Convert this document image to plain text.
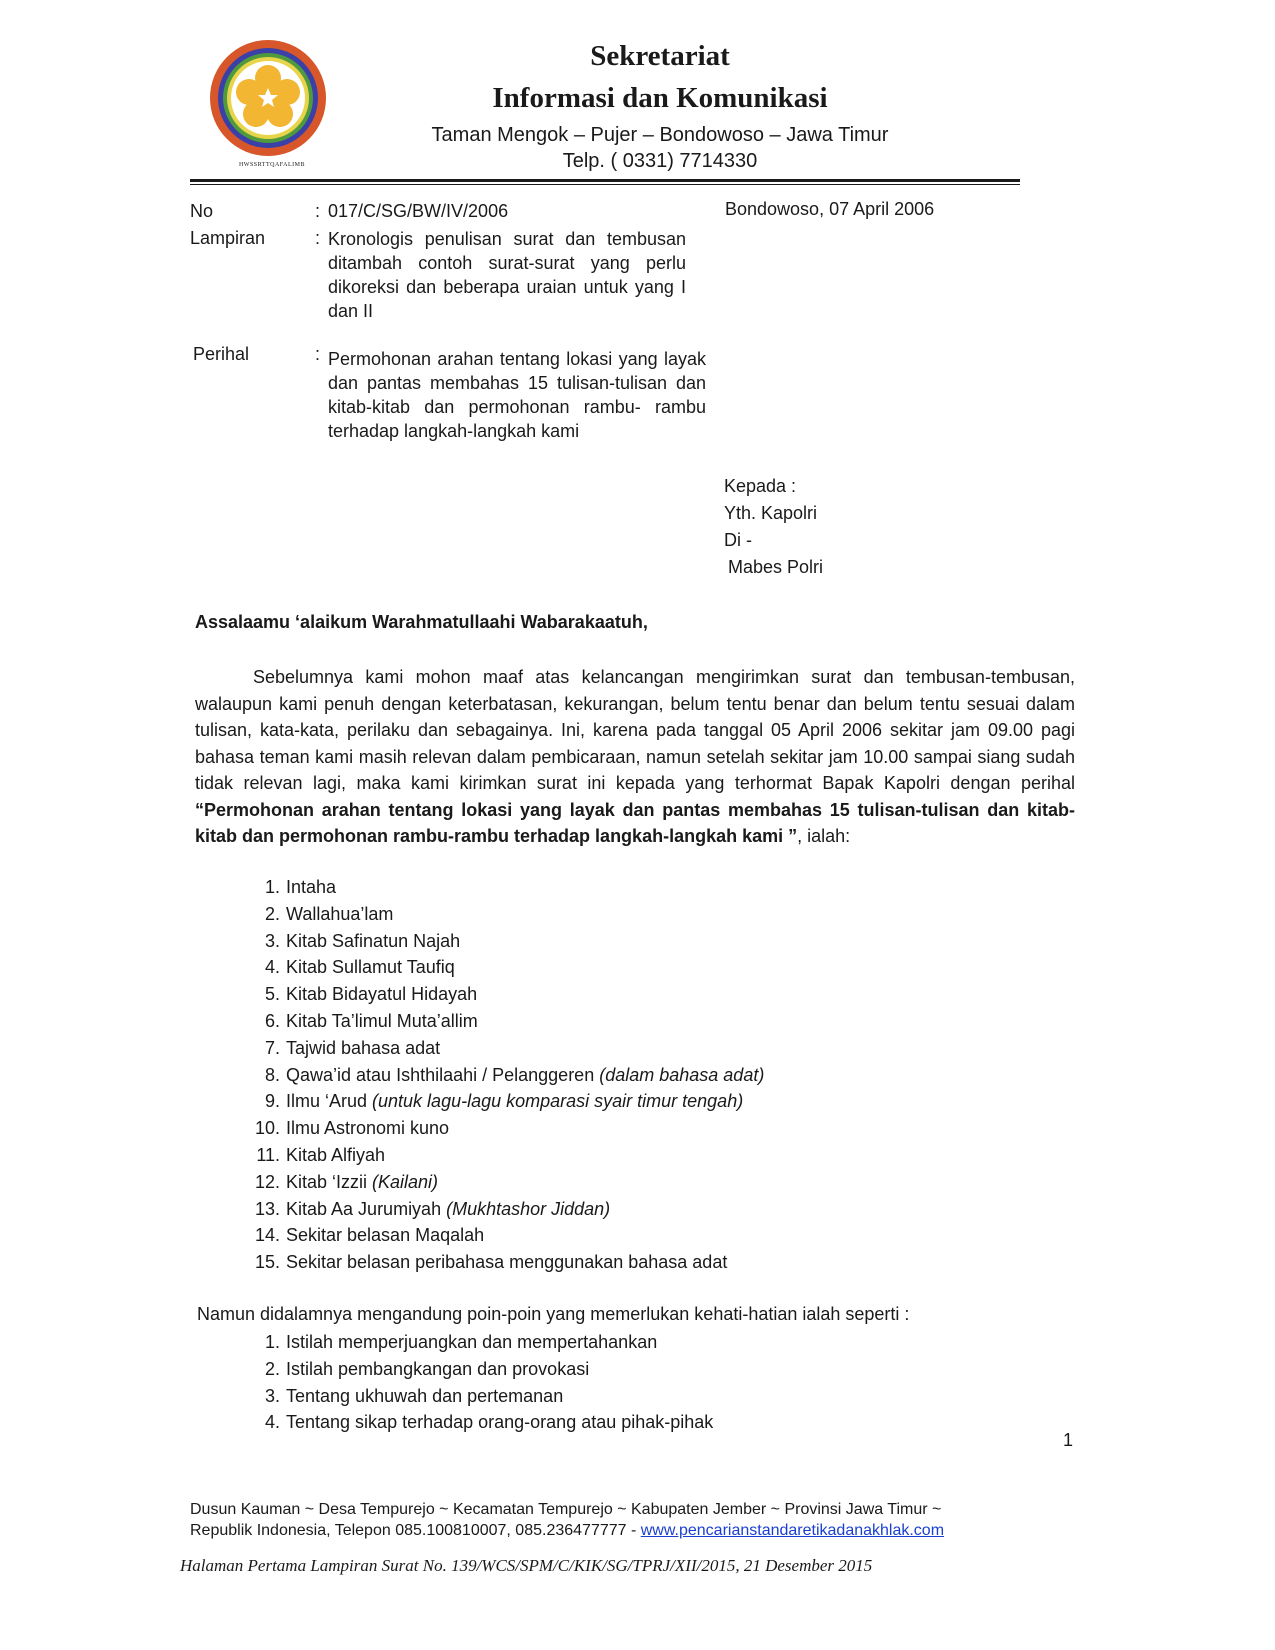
HWSSRTTQAFALIMB
Sekretariat
Informasi dan Komunikasi
Taman Mengok – Pujer – Bondowoso – Jawa Timur
Telp. ( 0331) 7714330
No	: 017/C/SG/BW/IV/2006	Bondowoso, 07 April 2006
Lampiran	: Kronologis penulisan surat dan tembusan ditambah contoh surat-surat yang perlu dikoreksi dan beberapa uraian untuk yang I dan II
Perihal	: Permohonan arahan tentang lokasi yang layak dan pantas membahas 15 tulisan-tulisan dan kitab-kitab dan permohonan rambu- rambu terhadap langkah-langkah kami
Kepada :
Yth. Kapolri
Di -
Mabes Polri
Assalaamu ‘alaikum Warahmatullaahi Wabarakaatuh,
Sebelumnya kami mohon maaf atas kelancangan mengirimkan surat dan tembusan-tembusan, walaupun kami penuh dengan keterbatasan, kekurangan, belum tentu benar dan belum tentu sesuai dalam tulisan, kata-kata, perilaku dan sebagainya. Ini, karena pada tanggal 05 April 2006 sekitar jam 09.00 pagi bahasa teman kami masih relevan dalam pembicaraan, namun setelah sekitar jam 10.00 sampai siang sudah tidak relevan lagi, maka kami kirimkan surat ini kepada yang terhormat Bapak Kapolri dengan perihal “Permohonan arahan tentang lokasi yang layak dan pantas membahas 15 tulisan-tulisan dan kitab-kitab dan permohonan rambu-rambu terhadap langkah-langkah kami ”, ialah:
1. Intaha
2. Wallahua’lam
3. Kitab Safinatun Najah
4. Kitab Sullamut Taufiq
5. Kitab Bidayatul Hidayah
6. Kitab Ta’limul Muta’allim
7. Tajwid bahasa adat
8. Qawa’id atau Ishthilaahi / Pelanggeren (dalam bahasa adat)
9. Ilmu ‘Arud (untuk lagu-lagu komparasi syair timur tengah)
10. Ilmu Astronomi kuno
11. Kitab Alfiyah
12. Kitab ‘Izzii (Kailani)
13. Kitab Aa Jurumiyah (Mukhtashor Jiddan)
14. Sekitar belasan Maqalah
15. Sekitar belasan peribahasa menggunakan bahasa adat
Namun didalamnya mengandung poin-poin yang memerlukan kehati-hatian ialah seperti :
1. Istilah memperjuangkan dan mempertahankan
2. Istilah pembangkangan dan provokasi
3. Tentang ukhuwah dan pertemanan
4. Tentang sikap terhadap orang-orang atau pihak-pihak
1
Dusun Kauman ~ Desa Tempurejo ~ Kecamatan Tempurejo ~ Kabupaten Jember ~ Provinsi Jawa Timur ~
Republik Indonesia, Telepon 085.100810007, 085.236477777 - www.pencarianstandaretikadanakhlak.com
Halaman Pertama Lampiran Surat No. 139/WCS/SPM/C/KIK/SG/TPRJ/XII/2015, 21 Desember 2015
